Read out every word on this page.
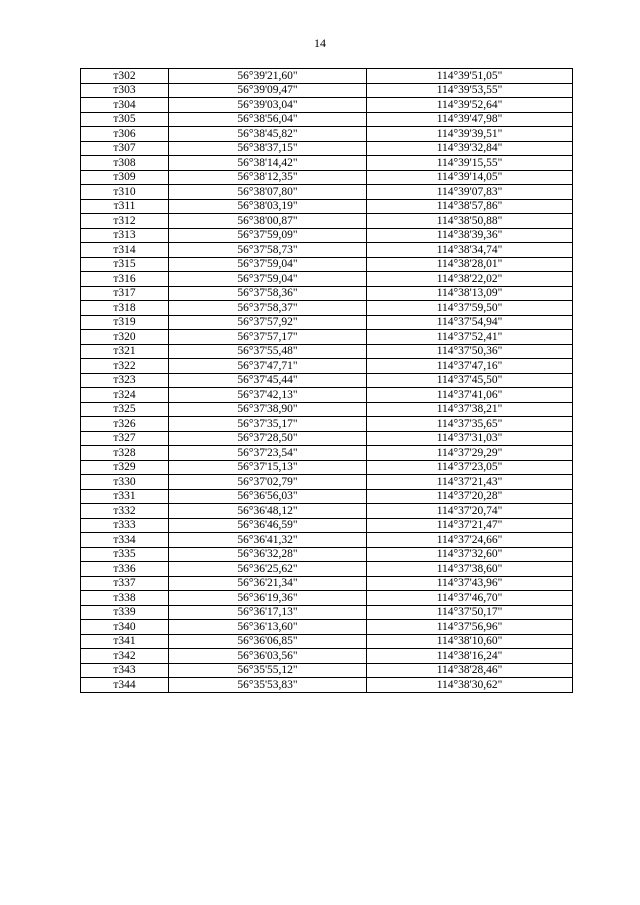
14
т302	56°39'21,60"	114°39'51,05"
т303	56°39'09,47"	114°39'53,55"
т304	56°39'03,04"	114°39'52,64"
т305	56°38'56,04"	114°39'47,98"
т306	56°38'45,82"	114°39'39,51"
т307	56°38'37,15"	114°39'32,84"
т308	56°38'14,42"	114°39'15,55"
т309	56°38'12,35"	114°39'14,05"
т310	56°38'07,80"	114°39'07,83"
т311	56°38'03,19"	114°38'57,86"
т312	56°38'00,87"	114°38'50,88"
т313	56°37'59,09"	114°38'39,36"
т314	56°37'58,73"	114°38'34,74"
т315	56°37'59,04"	114°38'28,01"
т316	56°37'59,04"	114°38'22,02"
т317	56°37'58,36"	114°38'13,09"
т318	56°37'58,37"	114°37'59,50"
т319	56°37'57,92"	114°37'54,94"
т320	56°37'57,17"	114°37'52,41"
т321	56°37'55,48"	114°37'50,36"
т322	56°37'47,71"	114°37'47,16"
т323	56°37'45,44"	114°37'45,50"
т324	56°37'42,13"	114°37'41,06"
т325	56°37'38,90"	114°37'38,21"
т326	56°37'35,17"	114°37'35,65"
т327	56°37'28,50"	114°37'31,03"
т328	56°37'23,54"	114°37'29,29"
т329	56°37'15,13"	114°37'23,05"
т330	56°37'02,79"	114°37'21,43"
т331	56°36'56,03"	114°37'20,28"
т332	56°36'48,12"	114°37'20,74"
т333	56°36'46,59"	114°37'21,47"
т334	56°36'41,32"	114°37'24,66"
т335	56°36'32,28"	114°37'32,60"
т336	56°36'25,62"	114°37'38,60"
т337	56°36'21,34"	114°37'43,96"
т338	56°36'19,36"	114°37'46,70"
т339	56°36'17,13"	114°37'50,17"
т340	56°36'13,60"	114°37'56,96"
т341	56°36'06,85"	114°38'10,60"
т342	56°36'03,56"	114°38'16,24"
т343	56°35'55,12"	114°38'28,46"
т344	56°35'53,83"	114°38'30,62"
